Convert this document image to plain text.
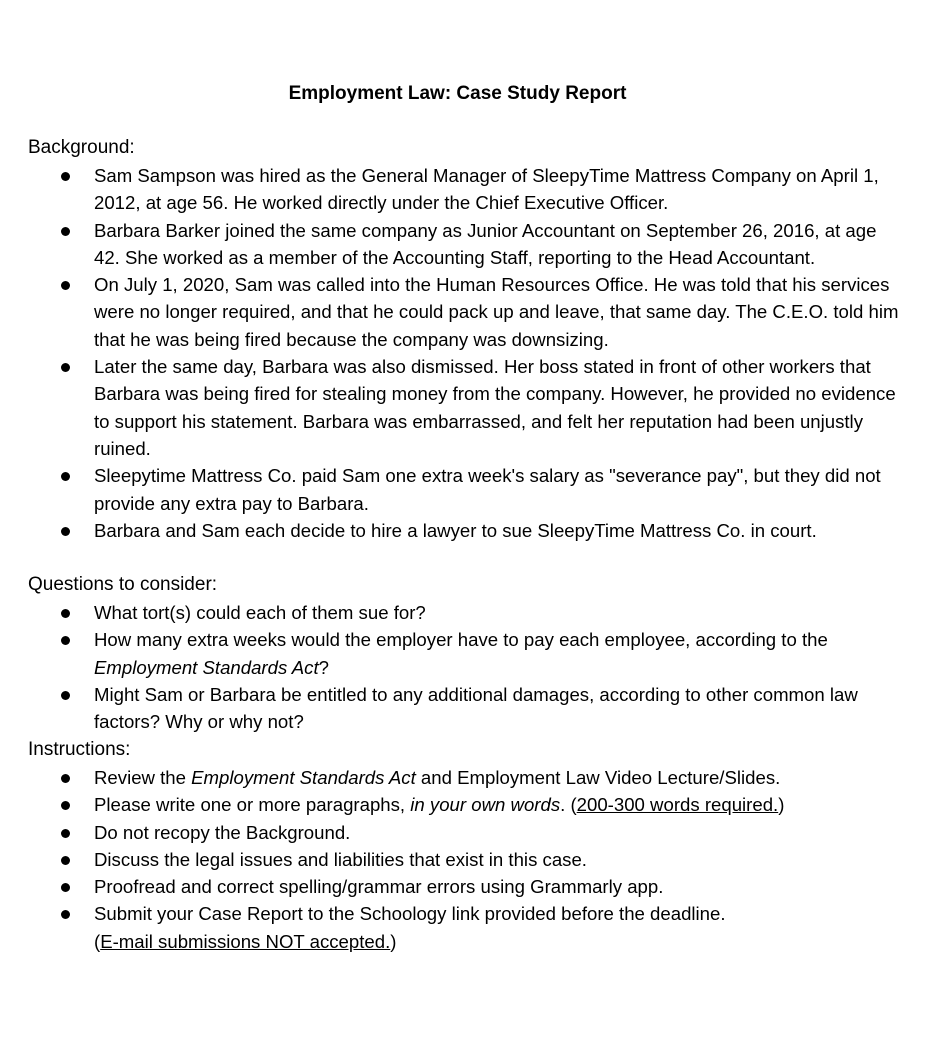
Employment Law: Case Study Report

Background:

Sam Sampson was hired as the General Manager of SleepyTime Mattress Company on April 1, 2012, at age 56. He worked directly under the Chief Executive Officer.
Barbara Barker joined the same company as Junior Accountant on September 26, 2016, at age 42. She worked as a member of the Accounting Staff, reporting to the Head Accountant.
On July 1, 2020, Sam was called into the Human Resources Office. He was told that his services were no longer required, and that he could pack up and leave, that same day. The C.E.O. told him that he was being fired because the company was downsizing.
Later the same day, Barbara was also dismissed. Her boss stated in front of other workers that Barbara was being fired for stealing money from the company. However, he provided no evidence to support his statement. Barbara was embarrassed, and felt her reputation had been unjustly ruined.
Sleepytime Mattress Co. paid Sam one extra week's salary as "severance pay", but they did not provide any extra pay to Barbara.
Barbara and Sam each decide to hire a lawyer to sue SleepyTime Mattress Co. in court.

Questions to consider:

What tort(s) could each of them sue for?
How many extra weeks would the employer have to pay each employee, according to the Employment Standards Act?
Might Sam or Barbara be entitled to any additional damages, according to other common law factors? Why or why not?

Instructions:

Review the Employment Standards Act and Employment Law Video Lecture/Slides.
Please write one or more paragraphs, in your own words. (200-300 words required.)
Do not recopy the Background.
Discuss the legal issues and liabilities that exist in this case.
Proofread and correct spelling/grammar errors using Grammarly app.
Submit your Case Report to the Schoology link provided before the deadline.
(E-mail submissions NOT accepted.)
